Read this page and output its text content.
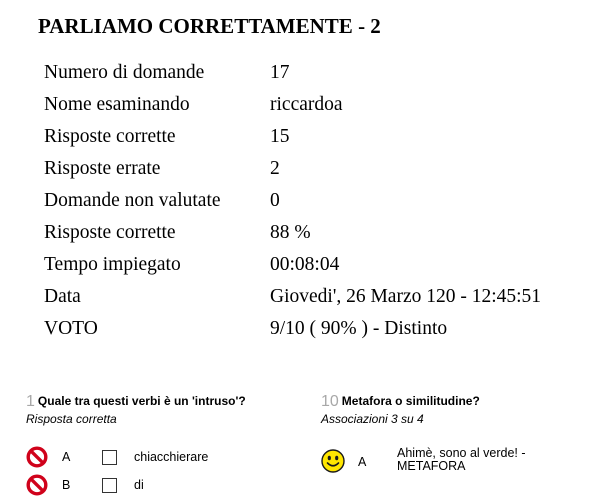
PARLIAMO CORRETTAMENTE - 2
Numero di domande	17
Nome esaminando	riccardoa
Risposte corrette	15
Risposte errate	2
Domande non valutate	0
Risposte corrette	88 %
Tempo impiegato	00:08:04
Data	Giovedi', 26 Marzo 120 - 12:45:51
VOTO	9/10 ( 90% ) - Distinto
1 Quale tra questi verbi è un 'intruso'?
Risposta corretta
A	chiacchierare
B	di
10 Metafora o similitudine?
Associazioni 3 su 4
A
Ahimè, sono al verde! -
METAFORA
